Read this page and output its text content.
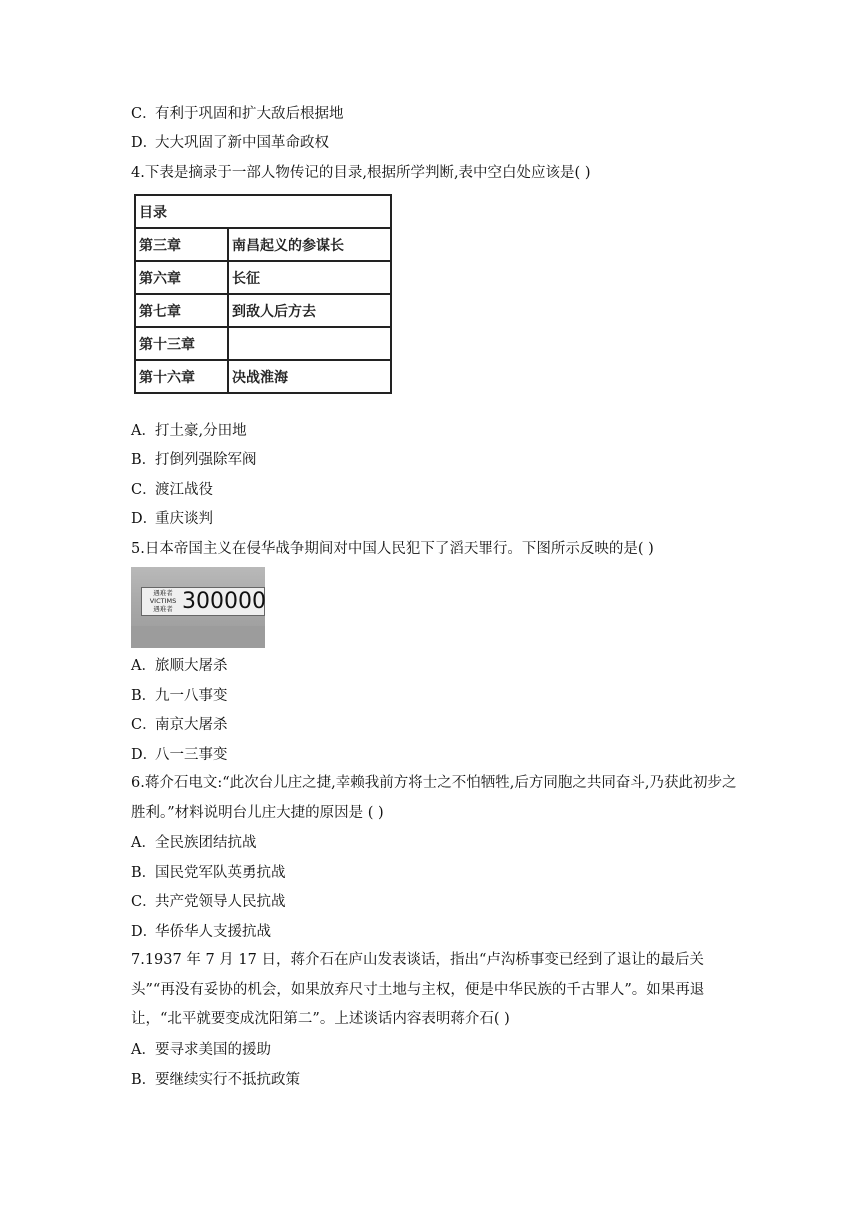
C．有利于巩固和扩大敌后根据地
D．大大巩固了新中国革命政权
4.下表是摘录于一部人物传记的目录,根据所学判断,表中空白处应该是( )
目录	
第三章	南昌起义的参谋长
第六章	长征
第七章	到敌人后方去
第十三章	
第十六章	决战淮海
A．打土豪,分田地
B．打倒列强除军阀
C．渡江战役
D．重庆谈判
5.日本帝国主义在侵华战争期间对中国人民犯下了滔天罪行。下图所示反映的是( )
遇难者
VICTIMS
遇难者 300000
A．旅顺大屠杀
B．九一八事变
C．南京大屠杀
D．八一三事变
6.蒋介石电文:“此次台儿庄之捷,幸赖我前方将士之不怕牺牲,后方同胞之共同奋斗,乃获此初步之胜利。”材料说明台儿庄大捷的原因是 ( )
A．全民族团结抗战
B．国民党军队英勇抗战
C．共产党领导人民抗战
D．华侨华人支援抗战
7.1937 年 7 月 17 日，蒋介石在庐山发表谈话，指出“卢沟桥事变已经到了退让的最后关头”“再没有妥协的机会，如果放弃尺寸土地与主权，便是中华民族的千古罪人”。如果再退让，“北平就要变成沈阳第二”。上述谈话内容表明蒋介石( )
A．要寻求美国的援助
B．要继续实行不抵抗政策
